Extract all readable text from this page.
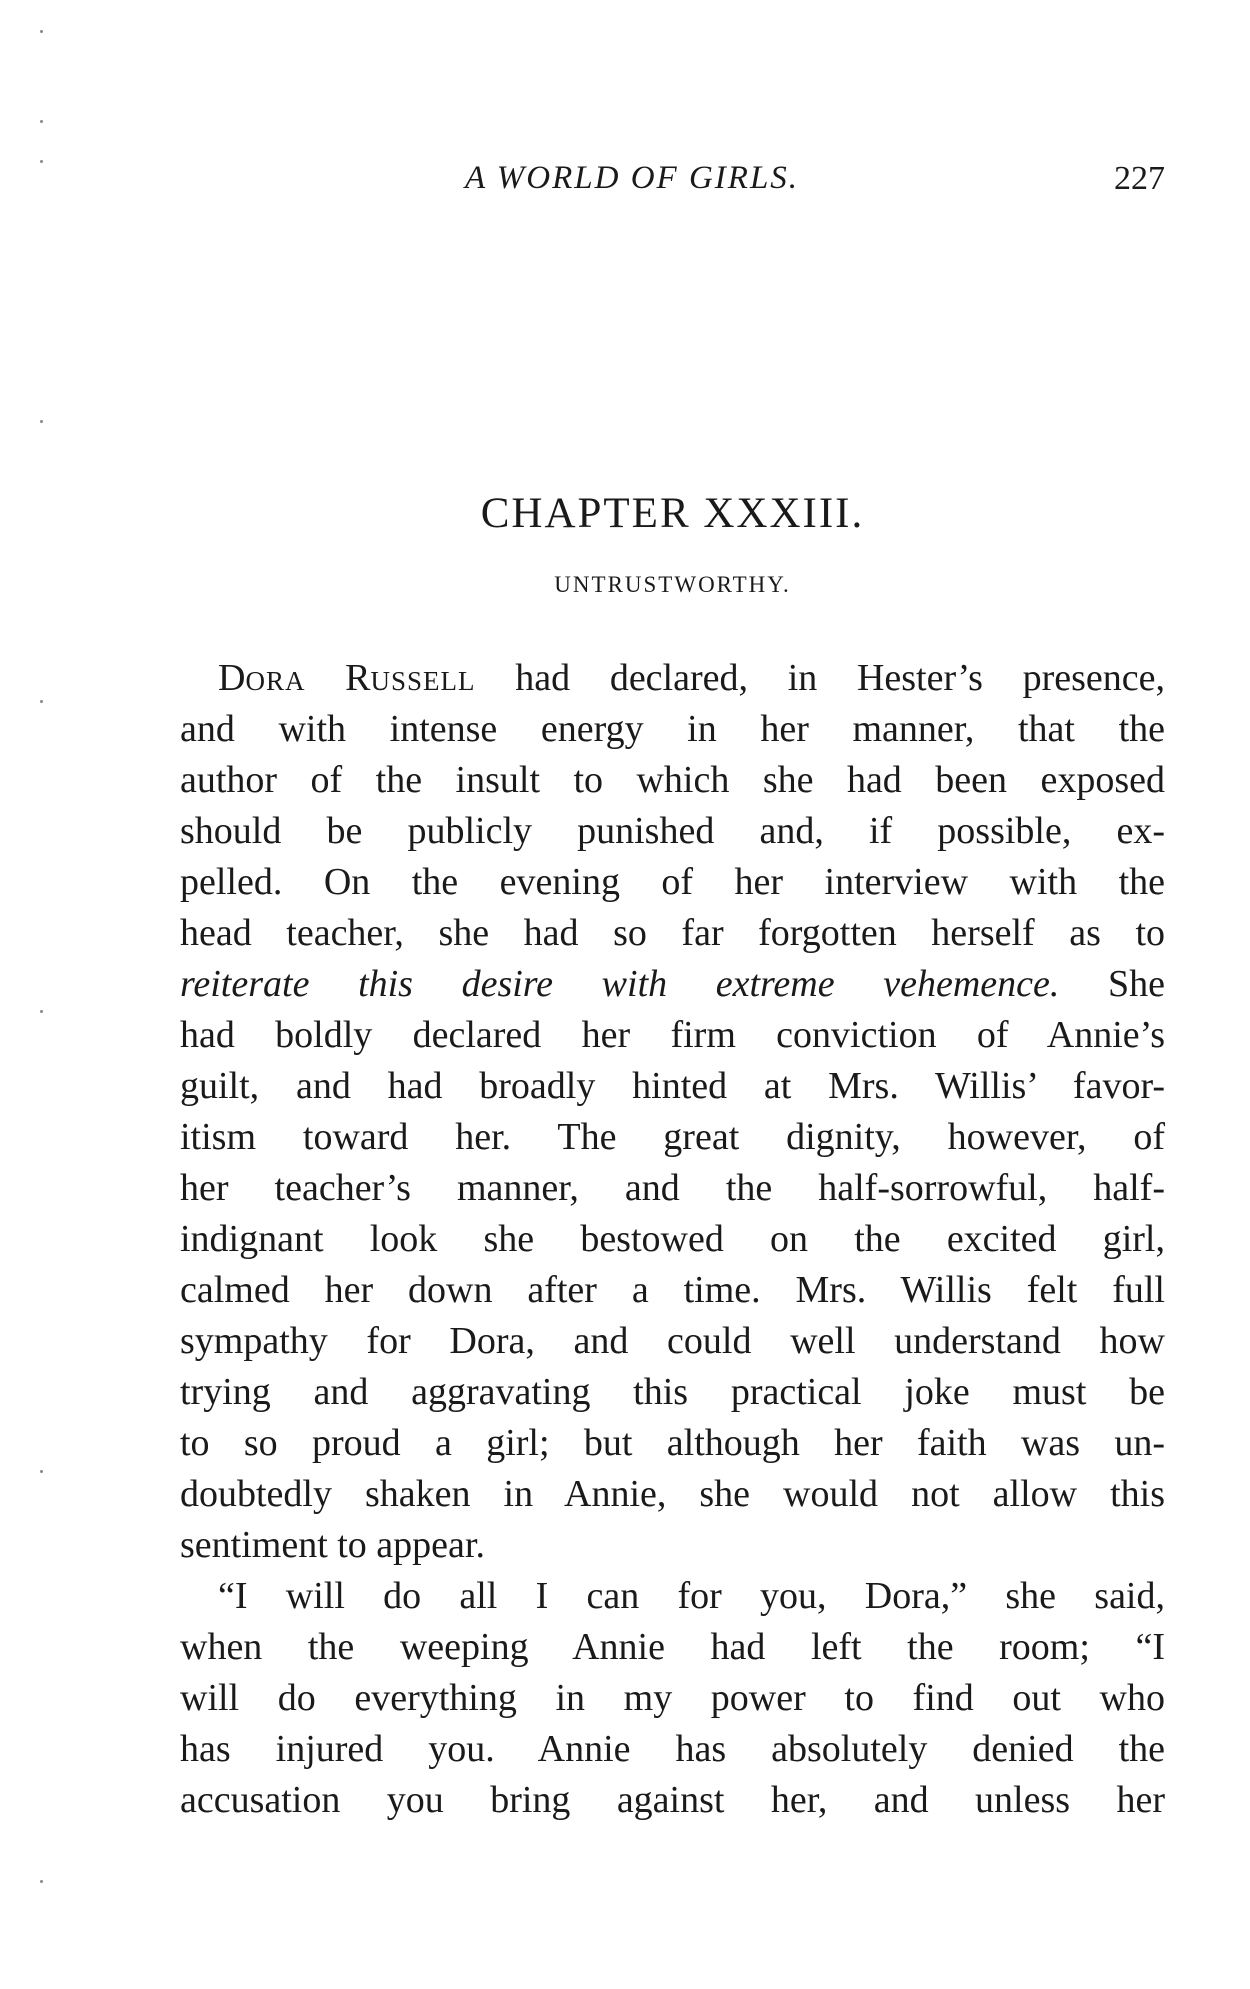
A WORLD OF GIRLS.	227
CHAPTER XXXIII.
UNTRUSTWORTHY.
DORA RUSSELL had declared, in Hester’s presence,
and with intense energy in her manner, that the
author of the insult to which she had been exposed
should be publicly punished and, if possible, ex-
pelled. On the evening of her interview with the
head teacher, she had so far forgotten herself as to
reiterate this desire with extreme vehemence. She
had boldly declared her firm conviction of Annie’s
guilt, and had broadly hinted at Mrs. Willis’ favor-
itism toward her. The great dignity, however, of
her teacher’s manner, and the half-sorrowful, half-
indignant look she bestowed on the excited girl,
calmed her down after a time. Mrs. Willis felt full
sympathy for Dora, and could well understand how
trying and aggravating this practical joke must be
to so proud a girl; but although her faith was un-
doubtedly shaken in Annie, she would not allow this
sentiment to appear.
“I will do all I can for you, Dora,” she said,
when the weeping Annie had left the room; “I
will do everything in my power to find out who
has injured you. Annie has absolutely denied the
accusation you bring against her, and unless her
